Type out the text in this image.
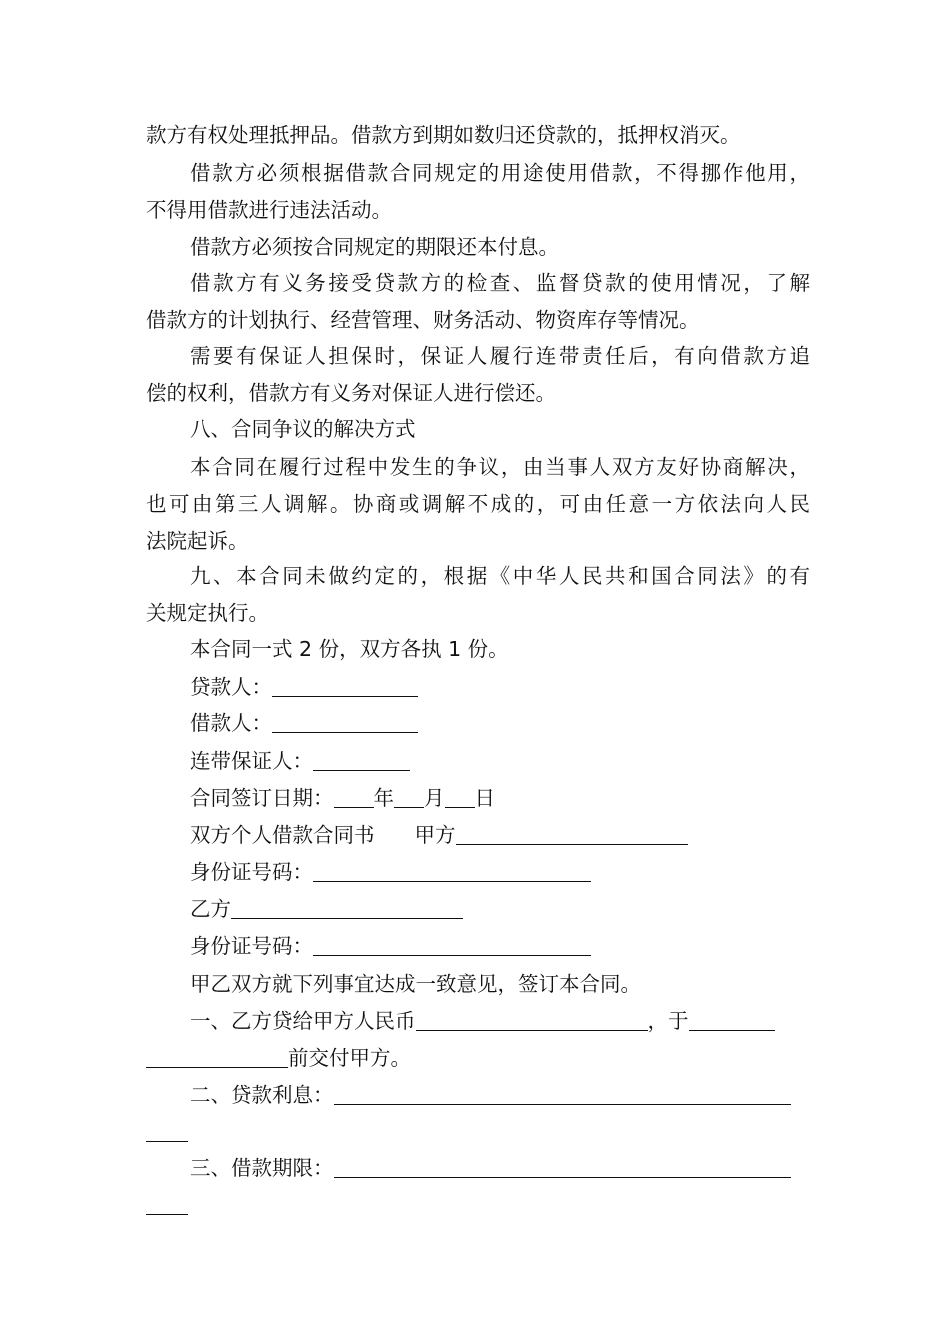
款方有权处理抵押品。借款方到期如数归还贷款的，抵押权消灭。
借款方必须根据借款合同规定的用途使用借款，不得挪作他用，
不得用借款进行违法活动。
借款方必须按合同规定的期限还本付息。
借款方有义务接受贷款方的检查、监督贷款的使用情况，了解
借款方的计划执行、经营管理、财务活动、物资库存等情况。
需要有保证人担保时，保证人履行连带责任后，有向借款方追
偿的权利，借款方有义务对保证人进行偿还。
八、合同争议的解决方式
本合同在履行过程中发生的争议，由当事人双方友好协商解决，
也可由第三人调解。协商或调解不成的，可由任意一方依法向人民
法院起诉。
九、本合同未做约定的，根据《中华人民共和国合同法》的有
关规定执行。
本合同一式 2 份，双方各执 1 份。
贷款人：
借款人：
连带保证人：
合同签订日期： 年 月 日
双方个人借款合同书 甲方
身份证号码：
乙方
身份证号码：
甲乙双方就下列事宜达成一致意见，签订本合同。
一、乙方贷给甲方人民币	，于
前交付甲方。
二、贷款利息：
三、借款期限：
